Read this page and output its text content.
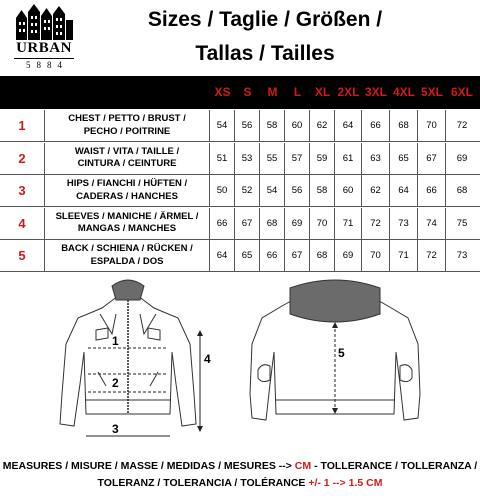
URBAN
5884
Sizes / Taglie / Größen /
Tallas / Tailles
XS	S	M	L	XL 2XL 3XL 4XL 5XL 6XL
1	CHEST / PETTO / BRUST /
PECHO / POITRINE	54	56	58	60	62	64	66	68	70	72
2	WAIST / VITA / TAILLE /
CINTURA / CEINTURE	51	53	55	57	59	61	63	65	67	69
3	HIPS / FIANCHI / HÜFTEN /
CADERAS / HANCHES	50	52	54	56	58	60	62	64	66	68
4	SLEEVES / MANICHE / ÄRMEL /
MANGAS / MANCHES	66	67	68	69	70	71	72	73	74	75
5	BACK / SCHIENA / RÜCKEN /
ESPALDA / DOS	64	65	66	67	68	69	70	71	72	73
1
2
3
4	5
MEASURES / MISURE / MASSE / MEDIDAS / MESURES --> CM - TOLLERANCE / TOLLERANZA /
TOLERANZ / TOLERANCIA / TOLÉRANCE +/- 1 --> 1.5 CM
